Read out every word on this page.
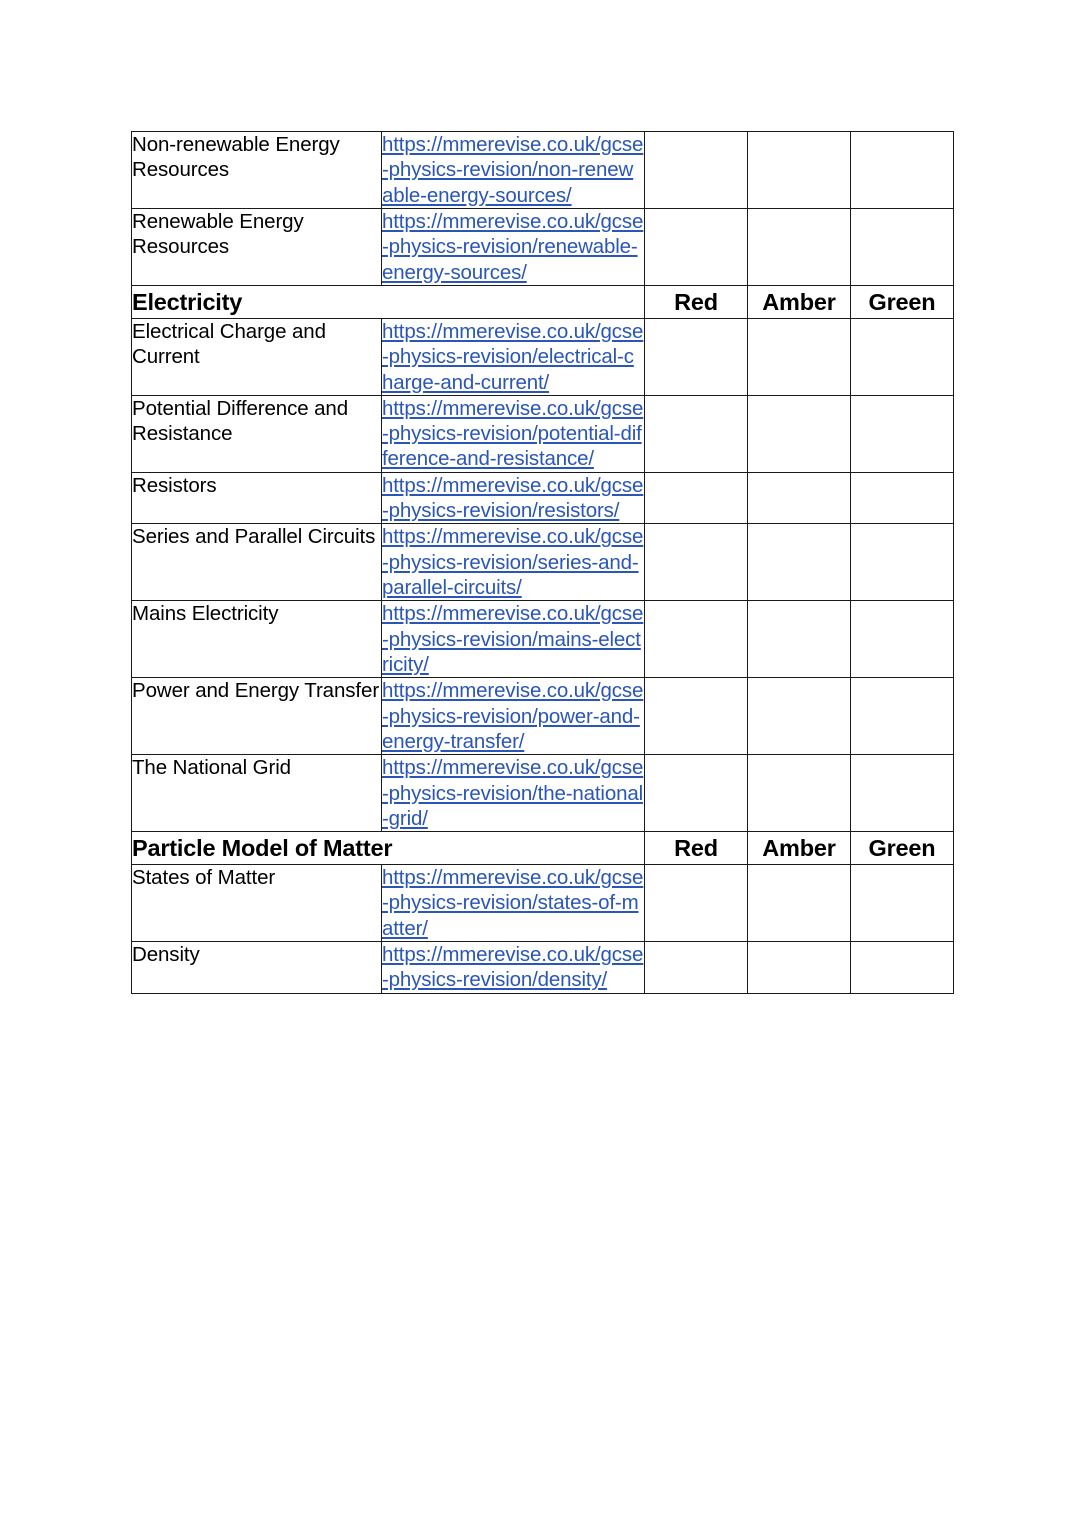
Non-renewable Energy Resources	https://mmerevise.co.uk/gcse-physics-revision/non-renewable-energy-sources/			
Renewable Energy Resources	https://mmerevise.co.uk/gcse-physics-revision/renewable-energy-sources/			
Electricity		Red	Amber	Green
Electrical Charge and Current	https://mmerevise.co.uk/gcse-physics-revision/electrical-charge-and-current/			
Potential Difference and Resistance	https://mmerevise.co.uk/gcse-physics-revision/potential-difference-and-resistance/			
Resistors	https://mmerevise.co.uk/gcse-physics-revision/resistors/			
Series and Parallel Circuits	https://mmerevise.co.uk/gcse-physics-revision/series-and-parallel-circuits/			
Mains Electricity	https://mmerevise.co.uk/gcse-physics-revision/mains-electricity/			
Power and Energy Transfer	https://mmerevise.co.uk/gcse-physics-revision/power-and-energy-transfer/			
The National Grid	https://mmerevise.co.uk/gcse-physics-revision/the-national-grid/			
Particle Model of Matter		Red	Amber	Green
States of Matter	https://mmerevise.co.uk/gcse-physics-revision/states-of-matter/			
Density	https://mmerevise.co.uk/gcse-physics-revision/density/			
